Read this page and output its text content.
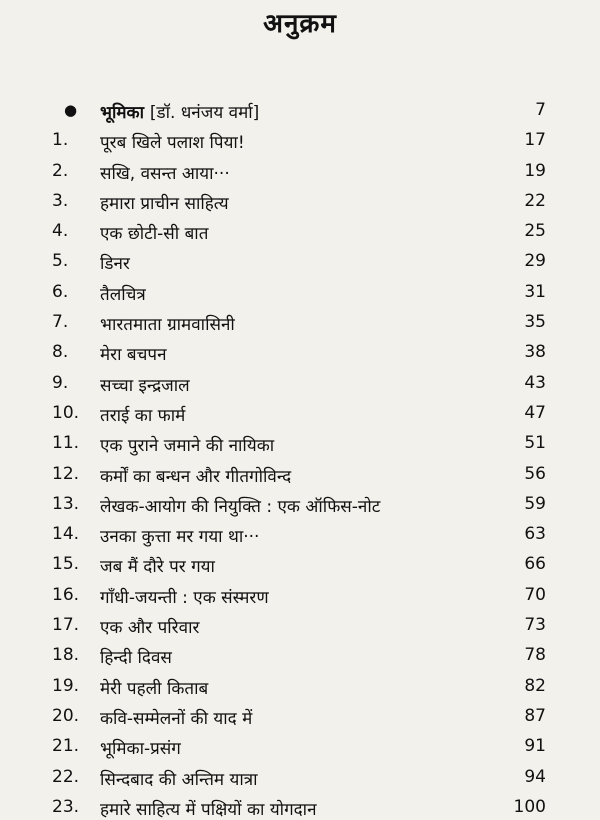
अनुक्रम
● भूमिका [डॉ. धनंजय वर्मा]	7
1.	पूरब खिले पलाश पिया!	17
2.	सखि, वसन्त आया···	19
3.	हमारा प्राचीन साहित्य	22
4.	एक छोटी-सी बात	25
5.	डिनर	29
6.	तैलचित्र	31
7.	भारतमाता ग्रामवासिनी	35
8.	मेरा बचपन	38
9.	सच्चा इन्द्रजाल	43
10.	तराई का फार्म	47
11.	एक पुराने जमाने की नायिका	51
12.	कर्मों का बन्धन और गीतगोविन्द	56
13.	लेखक-आयोग की नियुक्ति : एक ऑफिस-नोट	59
14.	उनका कुत्ता मर गया था···	63
15.	जब मैं दौरे पर गया	66
16.	गाँधी-जयन्ती : एक संस्मरण	70
17.	एक और परिवार	73
18.	हिन्दी दिवस	78
19.	मेरी पहली किताब	82
20.	कवि-सम्मेलनों की याद में	87
21.	भूमिका-प्रसंग	91
22.	सिन्दबाद की अन्तिम यात्रा	94
23.	हमारे साहित्य में पक्षियों का योगदान	100
